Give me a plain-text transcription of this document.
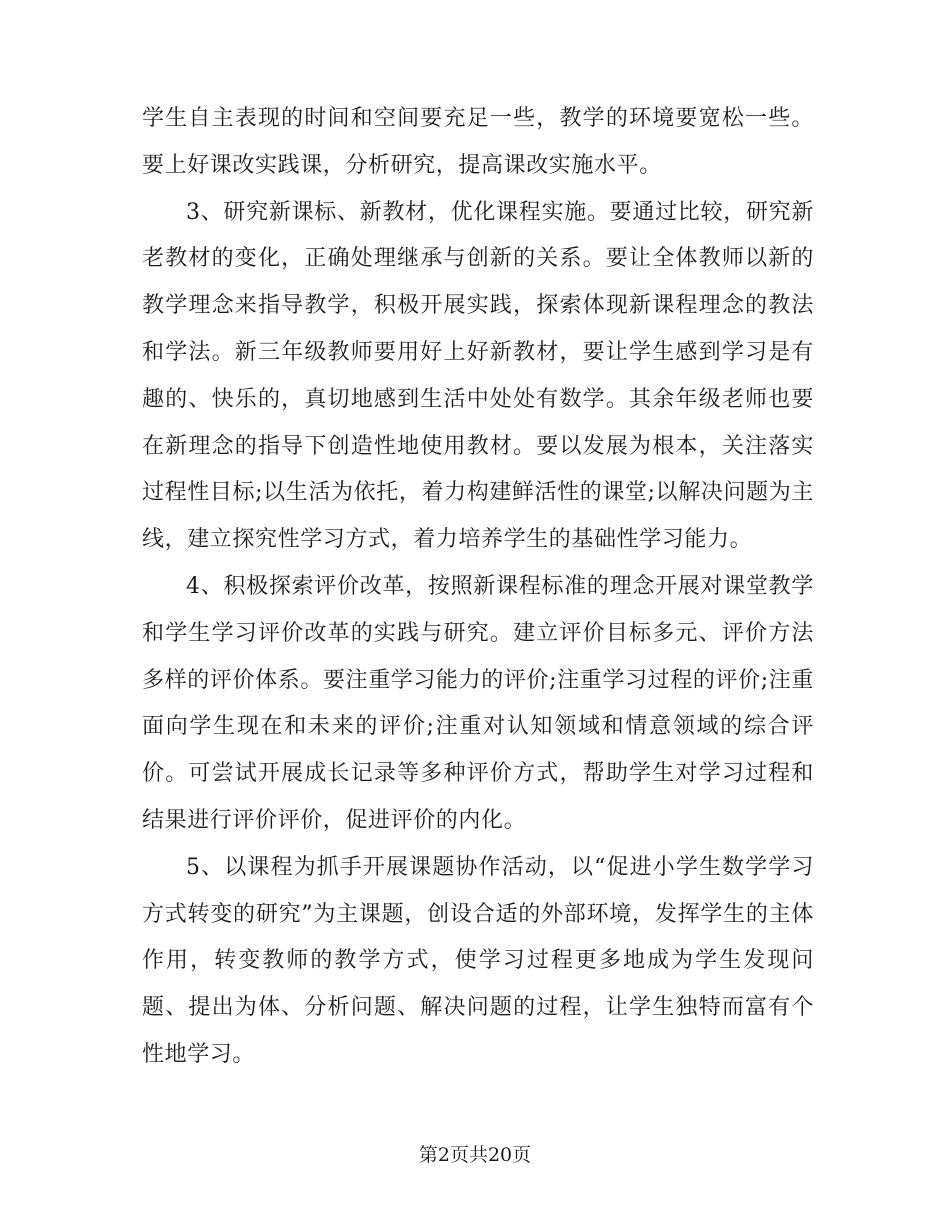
学生自主表现的时间和空间要充足一些，教学的环境要宽松一些。要上好课改实践课，分析研究，提高课改实施水平。

3、研究新课标、新教材，优化课程实施。要通过比较，研究新老教材的变化，正确处理继承与创新的关系。要让全体教师以新的教学理念来指导教学，积极开展实践，探索体现新课程理念的教法和学法。新三年级教师要用好上好新教材，要让学生感到学习是有趣的、快乐的，真切地感到生活中处处有数学。其余年级老师也要在新理念的指导下创造性地使用教材。要以发展为根本，关注落实过程性目标;以生活为依托，着力构建鲜活性的课堂;以解决问题为主线，建立探究性学习方式，着力培养学生的基础性学习能力。

4、积极探索评价改革，按照新课程标准的理念开展对课堂教学和学生学习评价改革的实践与研究。建立评价目标多元、评价方法多样的评价体系。要注重学习能力的评价;注重学习过程的评价;注重面向学生现在和未来的评价;注重对认知领域和情意领域的综合评价。可尝试开展成长记录等多种评价方式，帮助学生对学习过程和结果进行评价评价，促进评价的内化。

5、以课程为抓手开展课题协作活动，以“促进小学生数学学习方式转变的研究”为主课题，创设合适的外部环境，发挥学生的主体作用，转变教师的教学方式，使学习过程更多地成为学生发现问题、提出为体、分析问题、解决问题的过程，让学生独特而富有个性地学习。

第2页共20页
